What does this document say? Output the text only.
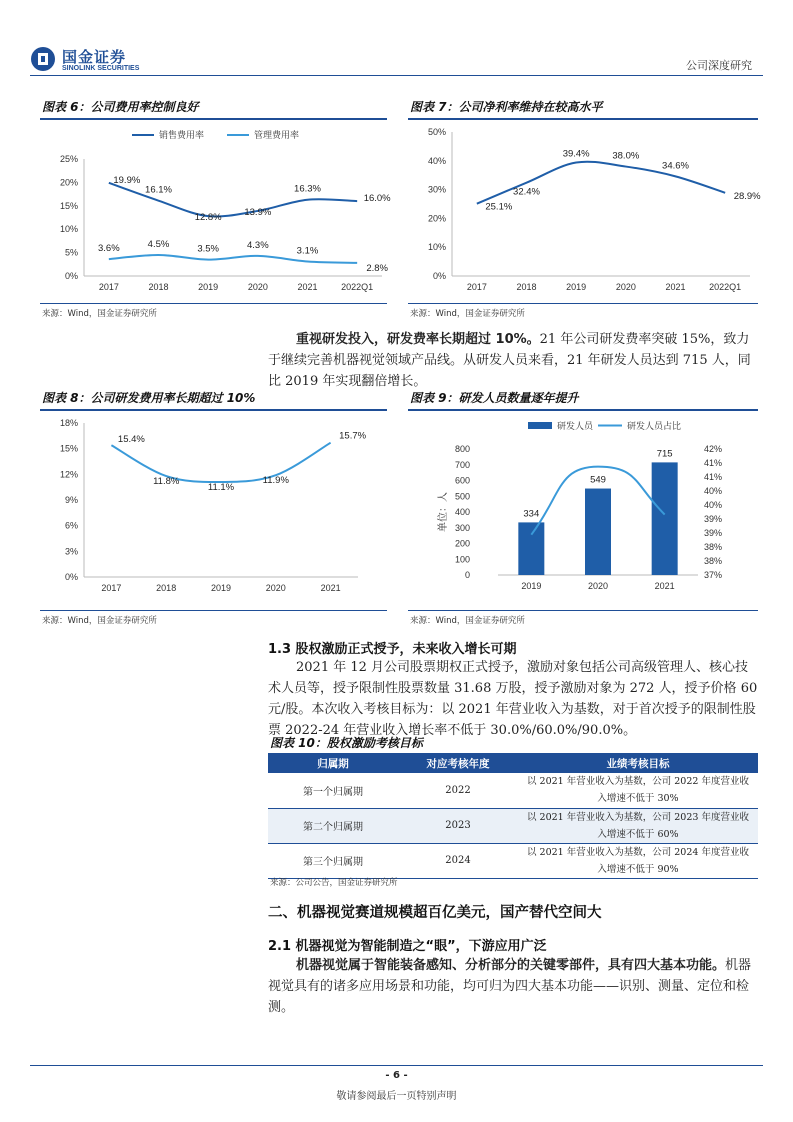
国金证券
SINOLINK SECURITIES	公司深度研究
图表 6：公司费用率控制良好
0%
5%
10%
15%
20%
25%
2017	2018	2019	2020	2021	2022Q1
19.9%
16.1%
12.8% 13.9%
16.3%
16.0%
3.6%	4.5%	3.5%	4.3%
3.1%
2.8%
销售费用率	管理费用率
来源：Wind，国金证券研究所
图表 7：公司净利率维持在较高水平
0%
10%
20%
30%
40%
50%
2017	2018	2019	2020	2021	2022Q1
25.1%
32.4%
39.4% 38.0%
34.6%
28.9%
来源：Wind，国金证券研究所
重视研发投入，研发费率长期超过 10%。21 年公司研发费率突破 15%，致力于继续完善机器视觉领域产品线。从研发人员来看，21 年研发人员达到 715 人，同比 2019 年实现翻倍增长。
图表 8：公司研发费用率长期超过 10%
0%
3%
6%
9%
12%
15%
18%
2017	2018	2019	2020	2021
15.4%
11.8%
11.1%
11.9%
15.7%
来源：Wind，国金证券研究所
图表 9：研发人员数量逐年提升
0
100
200
300
400
500
600
700
800
37%
38%
38%
39%
39%
40%
40%
41%
41%
42%
单位：人	334
549
715
2019	2020	2021
研发人员	研发人员占比
来源：Wind，国金证券研究所
1.3 股权激励正式授予，未来收入增长可期
2021 年 12 月公司股票期权正式授予，激励对象包括公司高级管理人、核心技术人员等，授予限制性股票数量 31.68 万股，授予激励对象为 272 人，授予价格 60 元/股。本次收入考核目标为：以 2021 年营业收入为基数，对于首次授予的限制性股票 2022-24 年营业收入增长率不低于 30.0%/60.0%/90.0%。
图表 10：股权激励考核目标
归属期	对应考核年度	业绩考核目标
第一个归属期	2022	以 2021 年营业收入为基数，公司 2022 年度营业收入增速不低于 30%
第二个归属期	2023	以 2021 年营业收入为基数，公司 2023 年度营业收入增速不低于 60%
第三个归属期	2024	以 2021 年营业收入为基数，公司 2024 年度营业收入增速不低于 90%
来源：公司公告，国金证券研究所
二、机器视觉赛道规模超百亿美元，国产替代空间大
2.1 机器视觉为智能制造之“眼”，下游应用广泛
机器视觉属于智能装备感知、分析部分的关键零部件，具有四大基本功能。机器视觉具有的诸多应用场景和功能，均可归为四大基本功能——识别、测量、定位和检测。
- 6 -
敬请参阅最后一页特别声明
